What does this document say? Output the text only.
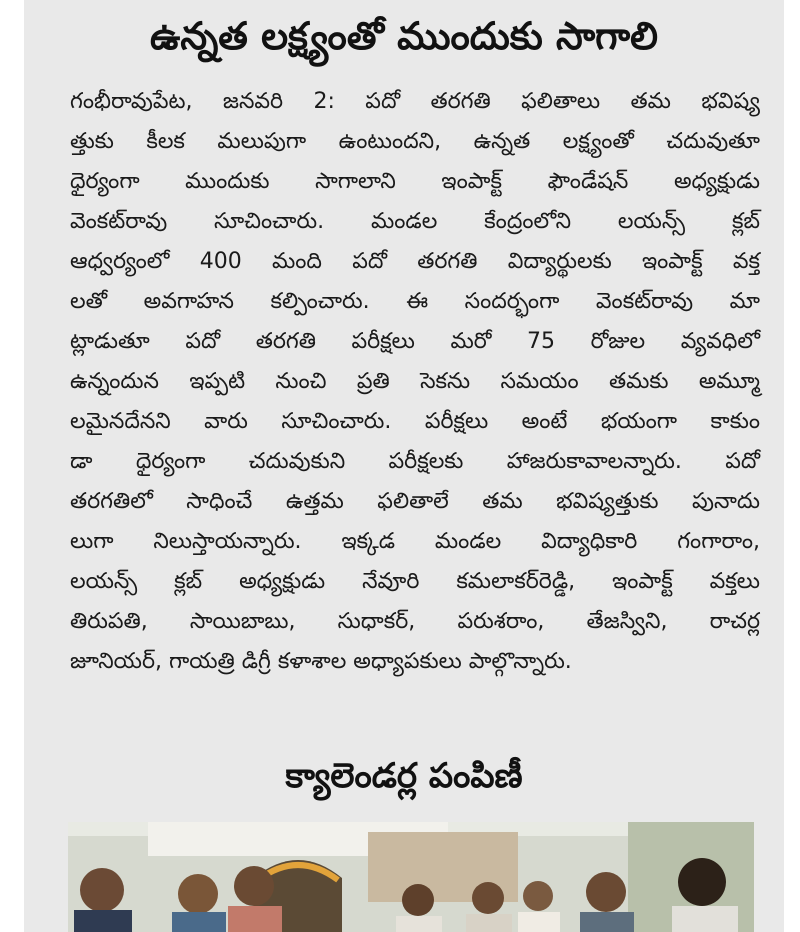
ఉన్నత లక్ష్యంతో ముందుకు సాగాలి
గంభీరావుపేట, జనవరి 2: పదో తరగతి ఫలితాలు తమ భవిష్య
త్తుకు కీలక మలుపుగా ఉంటుందని, ఉన్నత లక్ష్యంతో చదువుతూ
ధైర్యంగా ముందుకు సాగాలాని ఇంపాక్ట్ ఫౌండేషన్ అధ్యక్షుడు
వెంకట్‌రావు సూచించారు. మండల కేంద్రంలోని లయన్స్ క్లబ్
ఆధ్వర్యంలో 400 మంది పదో తరగతి విద్యార్థులకు ఇంపాక్ట్ వక్త
లతో అవగాహన కల్పించారు. ఈ సందర్భంగా వెంకట్‌రావు మా
ట్లాడుతూ పదో తరగతి పరీక్షలు మరో 75 రోజుల వ్యవధిలో
ఉన్నందున ఇప్పటి నుంచి ప్రతి సెకను సమయం తమకు అమ్మూ
లమైనదేనని వారు సూచించారు. పరీక్షలు అంటే భయంగా కాకుం
డా ధైర్యంగా చదువుకుని పరీక్షలకు హాజరుకావాలన్నారు. పదో
తరగతిలో సాధించే ఉత్తమ ఫలితాలే తమ భవిష్యత్తుకు పునాదు
లుగా నిలుస్తాయన్నారు. ఇక్కడ మండల విద్యాధికారి గంగారాం,
లయన్స్ క్లబ్ అధ్యక్షుడు నేవూరి కమలాకర్‌రెడ్డి, ఇంపాక్ట్ వక్తలు
తిరుపతి, సాయిబాబు, సుధాకర్, పరుశరాం, తేజస్విని, రాచర్ల
జూనియర్, గాయత్రి డిగ్రీ కళాశాల అధ్యాపకులు పాల్గొన్నారు.
క్యాలెండర్ల పంపిణీ
